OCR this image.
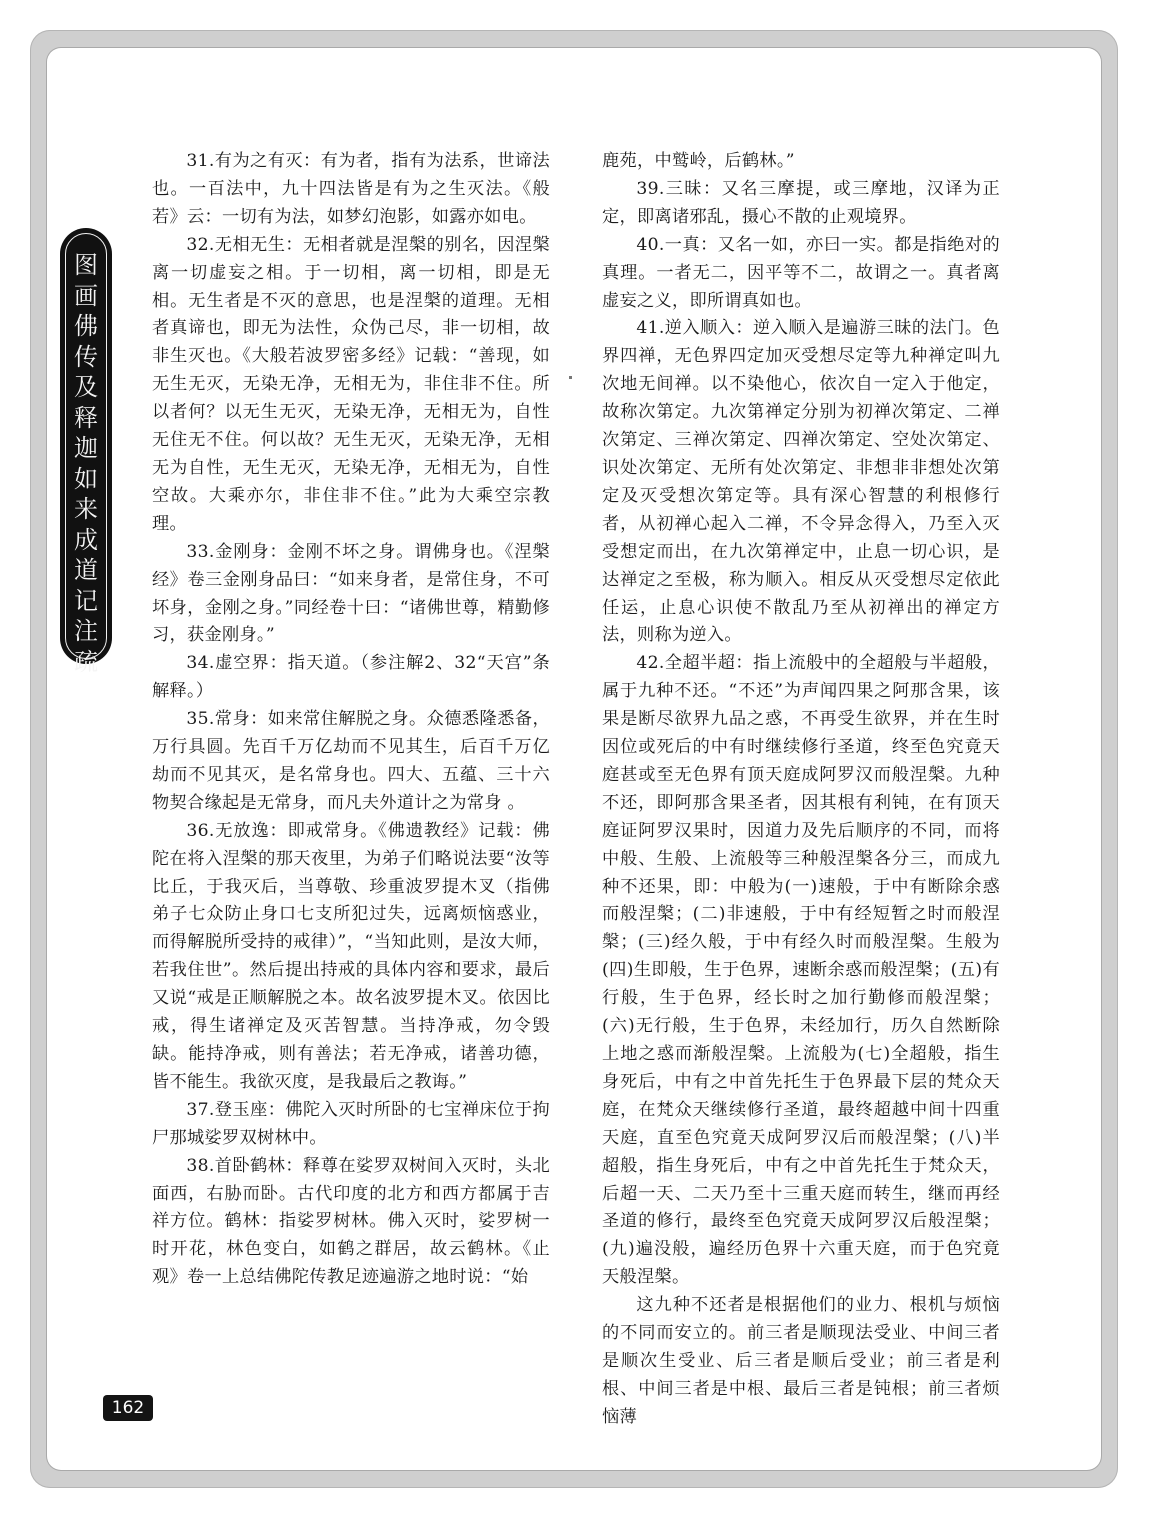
图
画
佛
传
及
释
迦
如
来
成
道
记
注
疏

31.有为之有灭：有为者，指有为法系，世谛法也。一百法中，九十四法皆是有为之生灭法。《般若》云：一切有为法，如梦幻泡影，如露亦如电。

32.无相无生：无相者就是涅槃的别名，因涅槃离一切虚妄之相。于一切相，离一切相，即是无相。无生者是不灭的意思，也是涅槃的道理。无相者真谛也，即无为法性，众伪己尽，非一切相，故非生灭也。《大般若波罗密多经》记载：“善现，如无生无灭，无染无净，无相无为，非住非不住。所以者何？以无生无灭，无染无净，无相无为，自性无住无不住。何以故？无生无灭，无染无净，无相无为自性，无生无灭，无染无净，无相无为，自性空故。大乘亦尔，非住非不住。”此为大乘空宗教理。

33.金刚身：金刚不坏之身。谓佛身也。《涅槃经》卷三金刚身品曰：“如来身者，是常住身，不可坏身，金刚之身。”同经卷十曰：“诸佛世尊，精勤修习，获金刚身。”

34.虚空界：指天道。（参注解2、32“天宫”条解释。）

35.常身：如来常住解脱之身。众德悉隆悉备，万行具圆。先百千万亿劫而不见其生，后百千万亿劫而不见其灭，是名常身也。四大、五蕴、三十六物契合缘起是无常身，而凡夫外道计之为常身 。

36.无放逸：即戒常身。《佛遗教经》记载：佛陀在将入涅槃的那天夜里，为弟子们略说法要“汝等比丘，于我灭后，当尊敬、珍重波罗提木叉（指佛弟子七众防止身口七支所犯过失，远离烦恼惑业，而得解脱所受持的戒律）”，“当知此则，是汝大师，若我住世”。然后提出持戒的具体内容和要求，最后又说“戒是正顺解脱之本。故名波罗提木叉。依因比戒，得生诸禅定及灭苦智慧。当持净戒，勿令毁缺。能持净戒，则有善法；若无净戒，诸善功德，皆不能生。我欲灭度，是我最后之教诲。”

37.登玉座：佛陀入灭时所卧的七宝禅床位于拘尸那城娑罗双树林中。

38.首卧鹤林：释尊在娑罗双树间入灭时，头北面西，右胁而卧。古代印度的北方和西方都属于吉祥方位。鹤林：指娑罗树林。佛入灭时，娑罗树一时开花，林色变白，如鹤之群居，故云鹤林。《止观》卷一上总结佛陀传教足迹遍游之地时说：“始

鹿苑，中鹫岭，后鹤林。”

39.三昧：又名三摩提，或三摩地，汉译为正定，即离诸邪乱，摄心不散的止观境界。

40.一真：又名一如，亦曰一实。都是指绝对的真理。一者无二，因平等不二，故谓之一。真者离虚妄之义，即所谓真如也。

41.逆入顺入：逆入顺入是遍游三昧的法门。色界四禅，无色界四定加灭受想尽定等九种禅定叫九次地无间禅。以不染他心，依次自一定入于他定，故称次第定。九次第禅定分别为初禅次第定、二禅次第定、三禅次第定、四禅次第定、空处次第定、识处次第定、无所有处次第定、非想非非想处次第定及灭受想次第定等。具有深心智慧的利根修行者，从初禅心起入二禅，不令异念得入，乃至入灭受想定而出，在九次第禅定中，止息一切心识，是达禅定之至极，称为顺入。相反从灭受想尽定依此任运，止息心识使不散乱乃至从初禅出的禅定方法，则称为逆入。

42.全超半超：指上流般中的全超般与半超般，属于九种不还。“不还”为声闻四果之阿那含果，该果是断尽欲界九品之惑，不再受生欲界，并在生时因位或死后的中有时继续修行圣道，终至色究竟天庭甚或至无色界有顶天庭成阿罗汉而般涅槃。九种不还，即阿那含果圣者，因其根有利钝，在有顶天庭证阿罗汉果时，因道力及先后顺序的不同，而将中般、生般、上流般等三种般涅槃各分三，而成九种不还果，即：中般为(一)速般，于中有断除余惑而般涅槃；(二)非速般，于中有经短暂之时而般涅槃；(三)经久般，于中有经久时而般涅槃。生般为(四)生即般，生于色界，速断余惑而般涅槃；(五)有行般，生于色界，经长时之加行勤修而般涅槃；(六)无行般，生于色界，未经加行，历久自然断除上地之惑而渐般涅槃。上流般为(七)全超般，指生身死后，中有之中首先托生于色界最下层的梵众天庭，在梵众天继续修行圣道，最终超越中间十四重天庭，直至色究竟天成阿罗汉后而般涅槃；(八)半超般，指生身死后，中有之中首先托生于梵众天，后超一天、二天乃至十三重天庭而转生，继而再经圣道的修行，最终至色究竟天成阿罗汉后般涅槃；(九)遍没般，遍经历色界十六重天庭，而于色究竟天般涅槃。

这九种不还者是根据他们的业力、根机与烦恼的不同而安立的。前三者是顺现法受业、中间三者是顺次生受业、后三者是顺后受业；前三者是利根、中间三者是中根、最后三者是钝根；前三者烦恼薄

162
